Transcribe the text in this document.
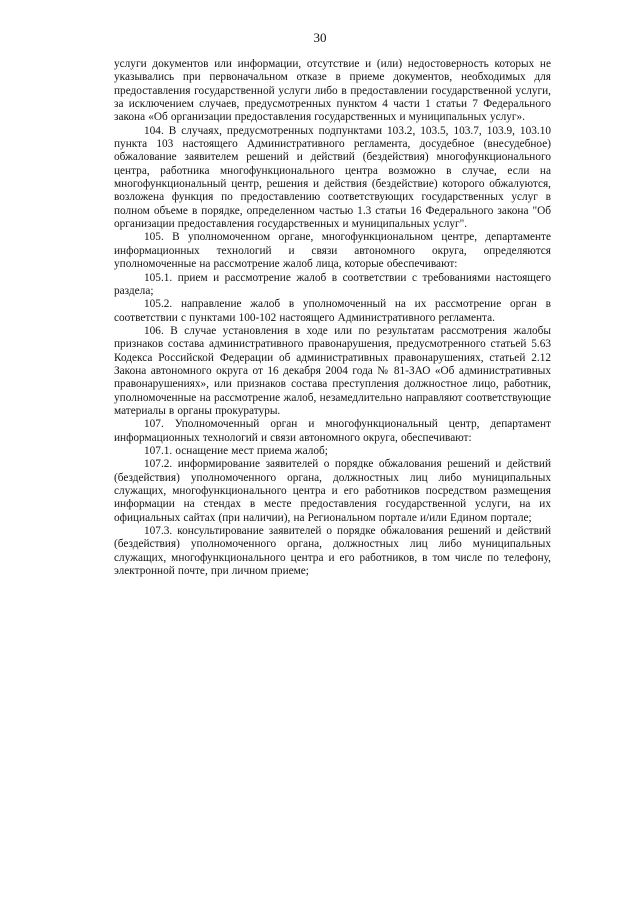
30

услуги документов или информации, отсутствие и (или) недостоверность которых не указывались при первоначальном отказе в приеме документов, необходимых для предоставления государственной услуги либо в предоставлении государственной услуги, за исключением случаев, предусмотренных пунктом 4 части 1 статьи 7 Федерального закона «Об организации предоставления государственных и муниципальных услуг».

104. В случаях, предусмотренных подпунктами 103.2, 103.5, 103.7, 103.9, 103.10 пункта 103 настоящего Административного регламента, досудебное (внесудебное) обжалование заявителем решений и действий (бездействия) многофункционального центра, работника многофункционального центра возможно в случае, если на многофункциональный центр, решения и действия (бездействие) которого обжалуются, возложена функция по предоставлению соответствующих государственных услуг в полном объеме в порядке, определенном частью 1.3 статьи 16 Федерального закона "Об организации предоставления государственных и муниципальных услуг".

105. В уполномоченном органе, многофункциональном центре, департаменте информационных технологий и связи автономного округа, определяются уполномоченные на рассмотрение жалоб лица, которые обеспечивают:

105.1. прием и рассмотрение жалоб в соответствии с требованиями настоящего раздела;

105.2. направление жалоб в уполномоченный на их рассмотрение орган в соответствии с пунктами 100-102 настоящего Административного регламента.

106. В случае установления в ходе или по результатам рассмотрения жалобы признаков состава административного правонарушения, предусмотренного статьей 5.63 Кодекса Российской Федерации об административных правонарушениях, статьей 2.12 Закона автономного округа от 16 декабря 2004 года № 81-ЗАО «Об административных правонарушениях», или признаков состава преступления должностное лицо, работник, уполномоченные на рассмотрение жалоб, незамедлительно направляют соответствующие материалы в органы прокуратуры.

107. Уполномоченный орган и многофункциональный центр, департамент информационных технологий и связи автономного округа, обеспечивают:

107.1. оснащение мест приема жалоб;

107.2. информирование заявителей о порядке обжалования решений и действий (бездействия) уполномоченного органа, должностных лиц либо муниципальных служащих, многофункционального центра и его работников посредством размещения информации на стендах в месте предоставления государственной услуги, на их официальных сайтах (при наличии), на Региональном портале и/или Едином портале;

107.3. консультирование заявителей о порядке обжалования решений и действий (бездействия) уполномоченного органа, должностных лиц либо муниципальных служащих, многофункционального центра и его работников, в том числе по телефону, электронной почте, при личном приеме;
